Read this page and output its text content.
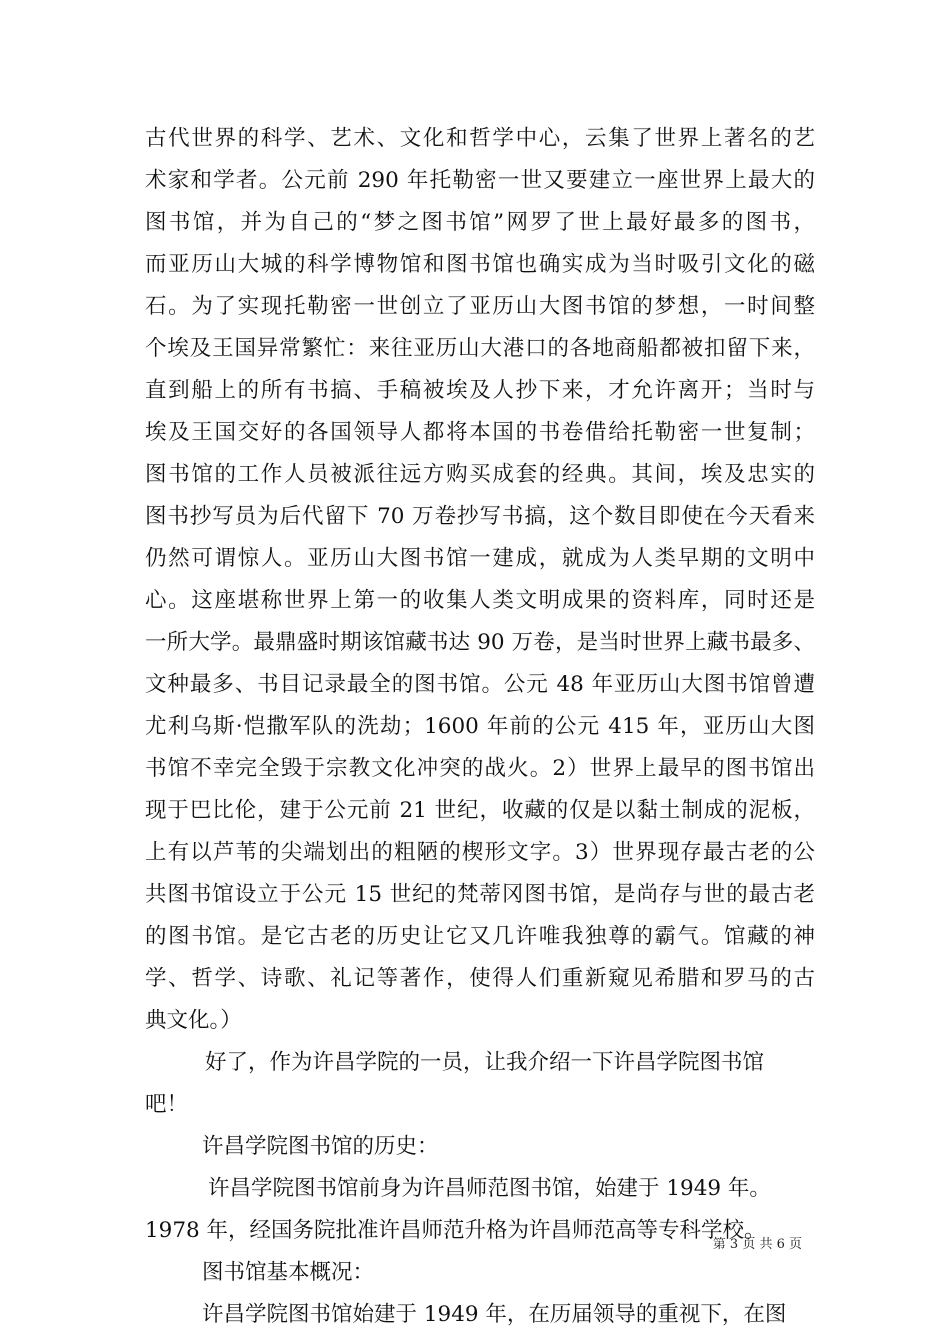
古代世界的科学、艺术、文化和哲学中心，云集了世界上著名的艺
术家和学者。公元前 290 年托勒密一世又要建立一座世界上最大的
图书馆，并为自己的“梦之图书馆”网罗了世上最好最多的图书，
而亚历山大城的科学博物馆和图书馆也确实成为当时吸引文化的磁
石。为了实现托勒密一世创立了亚历山大图书馆的梦想，一时间整
个埃及王国异常繁忙：来往亚历山大港口的各地商船都被扣留下来，
直到船上的所有书搞、手稿被埃及人抄下来，才允许离开；当时与
埃及王国交好的各国领导人都将本国的书卷借给托勒密一世复制；
图书馆的工作人员被派往远方购买成套的经典。其间，埃及忠实的
图书抄写员为后代留下 70 万卷抄写书搞，这个数目即使在今天看来
仍然可谓惊人。亚历山大图书馆一建成，就成为人类早期的文明中
心。这座堪称世界上第一的收集人类文明成果的资料库，同时还是
一所大学。最鼎盛时期该馆藏书达 90 万卷，是当时世界上藏书最多、
文种最多、书目记录最全的图书馆。公元 48 年亚历山大图书馆曾遭
尤利乌斯·恺撒军队的洗劫；1600 年前的公元 415 年，亚历山大图
书馆不幸完全毁于宗教文化冲突的战火。2）世界上最早的图书馆出
现于巴比伦，建于公元前 21 世纪，收藏的仅是以黏土制成的泥板，
上有以芦苇的尖端划出的粗陋的楔形文字。3）世界现存最古老的公
共图书馆设立于公元 15 世纪的梵蒂冈图书馆，是尚存与世的最古老
的图书馆。是它古老的历史让它又几许唯我独尊的霸气。馆藏的神
学、哲学、诗歌、礼记等著作，使得人们重新窥见希腊和罗马的古
典文化。）
好了，作为许昌学院的一员，让我介绍一下许昌学院图书馆
吧！
许昌学院图书馆的历史：
许昌学院图书馆前身为许昌师范图书馆，始建于 1949 年。
1978 年，经国务院批准许昌师范升格为许昌师范高等专科学校。
图书馆基本概况：
许昌学院图书馆始建于 1949 年，在历届领导的重视下，在图
第 3 页 共 6 页
